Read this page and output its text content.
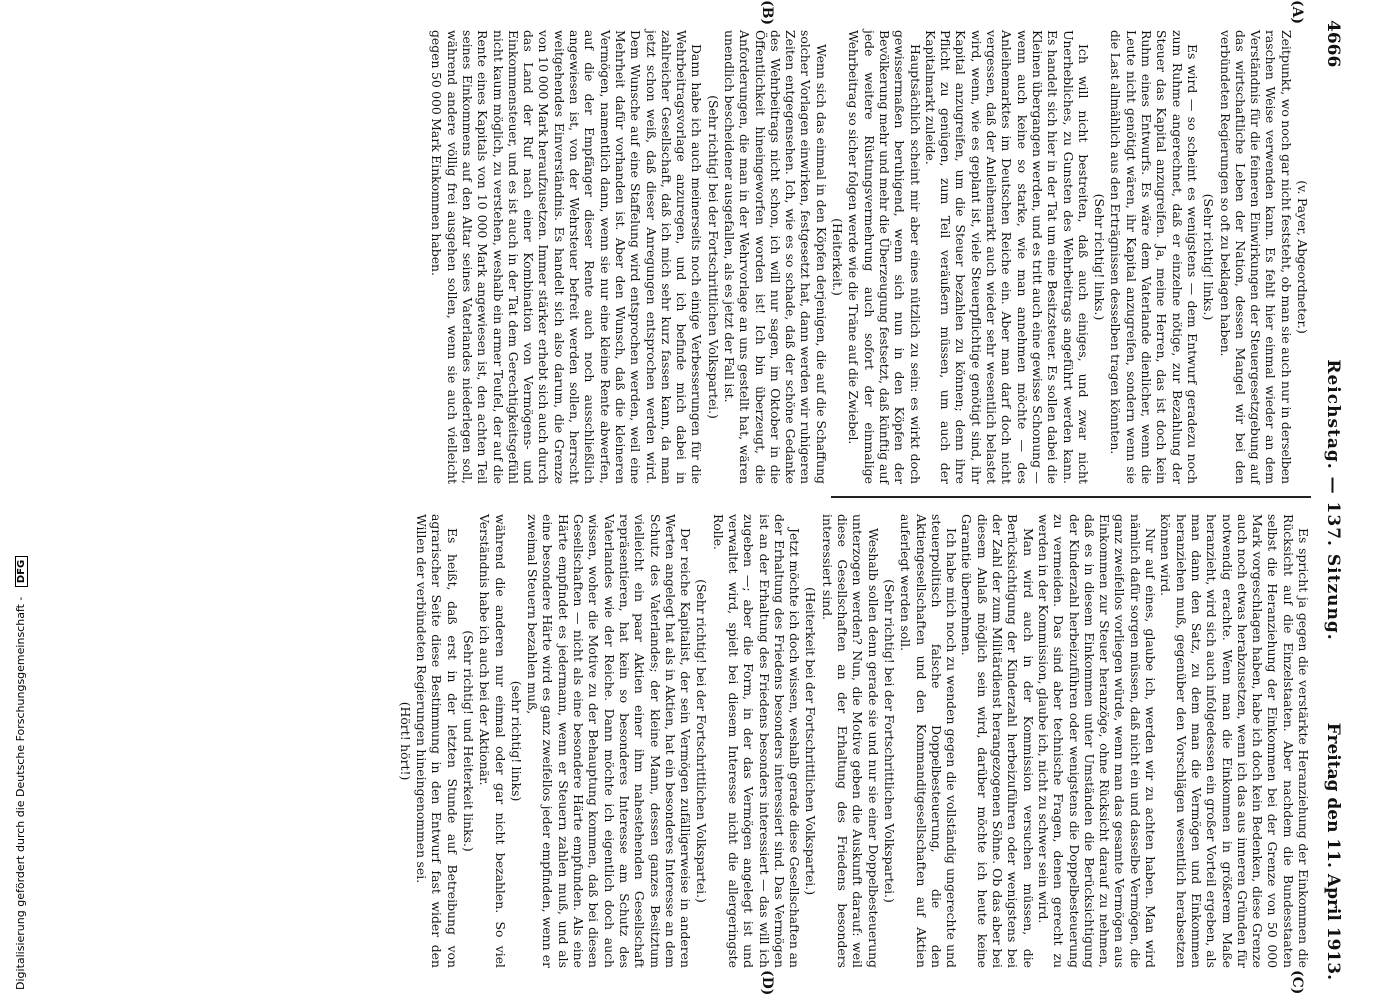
4666
Reichstag. — 137. Sitzung.
Freitag den 11. April 1913.
(A)
(B)
(C)
(D)

(v. Payer, Abgeordneter.)

Zeitpunkt, wo noch gar nicht feststeht, ob man sie auch nur in derselben raschen Weise verwenden kann. Es fehlt hier einmal wieder an dem Verständnis für die feineren Einwirkungen der Steuergesetzgebung auf das wirtschaftliche Leben der Nation, dessen Mangel wir bei den verbündeten Regierungen so oft zu beklagen haben.

(Sehr richtig! links.)

Es wird — so scheint es wenigstens — dem Entwurf geradezu noch zum Ruhme angerechnet, daß er einzelne nötige, zur Bezahlung der Steuer das Kapital anzugreifen. Ja, meine Herren, das ist doch kein Ruhm eines Entwurfs. Es wäre dem Vaterlande dienlicher, wenn die Leute nicht genötigt wären, ihr Kapital anzugreifen, sondern wenn sie die Last allmählich aus den Erträgnissen desselben tragen könnten.

(Sehr richtig! links.)

Ich will nicht bestreiten, daß auch einiges, und zwar nicht Unerhebliches, zu Gunsten des Wehrbeitrags angeführt werden kann. Es handelt sich hier in der Tat um eine Besitzsteuer. Es sollen dabei die Kleinen übergangen werden, und es tritt auch eine gewisse Schonung — wenn auch keine so starke, wie man annehmen möchte — des Anleihemarktes im Deutschen Reiche ein. Aber man darf doch nicht vergessen, daß der Anleihemarkt auch wieder sehr wesentlich belastet wird, wenn, wie es geplant ist, viele Steuerpflichtige genötigt sind, ihr Kapital anzugreifen, um die Steuer bezahlen zu können; denn ihre Pflicht zu genügen, zum Teil veräußern müssen, um auch der Kapitalmarkt zuleide.

Hauptsächlich scheint mir aber eines nützlich zu sein: es wirkt doch gewissermaßen beruhigend, wenn sich nun in den Köpfen der Bevölkerung mehr und mehr die Überzeugung festsetzt, daß künftig auf jede weitere Rüstungsvermehrung auch sofort der einmalige Wehrbeitrag so sicher folgen werde wie die Träne auf die Zwiebel.

(Heiterkeit.)

Wenn sich das einmal in den Köpfen derjenigen, die auf die Schaffung solcher Vorlagen einwirken, festgesetzt hat, dann werden wir ruhigeren Zeiten entgegensehen. Ich, wie es so schade, daß der schöne Gedanke des Wehrbeitrags nicht schon, ich will nur sagen, im Oktober in die Öffentlichkeit hineingeworfen worden ist! Ich bin überzeugt, die Anforderungen, die man in der Wehrvorlage an uns gestellt hat, wären unendlich bescheidener ausgefallen, als es jetzt der Fall ist.

(Sehr richtig! bei der Fortschrittlichen Volkspartei.)

Dann habe ich auch meinerseits noch einige Verbesserungen für die Wehrbeitragsvorlage anzuregen, und ich befinde mich dabei in zahlreicher Gesellschaft, daß ich mich sehr kurz fassen kann, da man jetzt schon weiß, daß dieser Anregungen entsprochen werden wird. Dem Wunsche auf eine Staffelung wird entsprochen werden, weil eine Mehrheit dafür vorhanden ist. Aber den Wunsch, daß die kleineren Vermögen, namentlich dann, wenn sie nur eine kleine Rente abwerfen, auf die der Empfänger dieser Rente auch noch ausschließlich angewiesen ist, von der Wehrsteuer befreit werden sollen, herrscht weitgehendes Einverständnis. Es handelt sich also darum, die Grenze von 10 000 Mark heraufzusetzen. Immer stärker erhebt sich auch durch das Land der Ruf nach einer Kombination von Vermögens- und Einkommensteuer, und es ist auch in der Tat dem Gerechtigkeitsgefühl nicht kaum möglich, zu verstehen, weshalb ein armer Teufel, der auf die Rente eines Kapitals von 10 000 Mark angewiesen ist, den achten Teil seines Einkommens auf den Altar seines Vaterlandes niederlegen soll, während andere völlig frei ausgehen sollen, wenn sie auch vielleicht gegen 50 000 Mark Einkommen haben.

Es spricht ja gegen die verstärkte Heranziehung der Einkommen die Rücksicht auf die Einzelstaaten. Aber nachdem die Bundesstaaten selbst die Heranziehung der Einkommen bei der Grenze von 50 000 Mark vorgeschlagen haben, habe ich doch kein Bedenken, diese Grenze auch noch etwas herabzusetzen, wenn ich das aus inneren Gründen für notwendig erachte. Wenn man die Einkommen in größerem Maße heranzieht, wird sich auch infolgedessen ein großer Vorteil ergeben, als man dann den Satz, zu dem man die Vermögen und Einkommen heranziehen muß, gegenüber den Vorschlägen wesentlich herabsetzen können wird.

Nur auf eines, glaube ich, werden wir zu achten haben. Man wird nämlich dafür sorgen müssen, daß nicht ein und dasselbe Vermögen, die ganz zweifellos vorliegen würde, wenn man das gesamte Vermögen aus Einkommen zur Steuer heranzöge, ohne Rücksicht darauf zu nehmen, daß es in diesem Einkommen unter Umständen die Berücksichtigung der Kinderzahl herbeizuführen oder wenigstens die Doppelbesteuerung zu vermeiden. Das sind aber technische Fragen, denen gerecht zu werden in der Kommission, glaube ich, nicht zu schwer sein wird.

Man wird auch in der Kommission versuchen müssen, die Berücksichtigung der Kinderzahl herbeizuführen oder wenigstens bei der Zahl der zum Militärdienst herangezogenen Söhne. Ob das aber bei diesem Anlaß möglich sein wird, darüber möchte ich heute keine Garantie übernehmen.

Ich habe mich noch zu wenden gegen die vollständig ungerechte und steuerpolitisch falsche Doppelbesteuerung, die den Aktiengesellschaften und den Kommanditgesellschaften auf Aktien auferlegt werden soll.

(Sehr richtig! bei der Fortschrittlichen Volkspartei.)

Weshalb sollen denn gerade sie und nur sie einer Doppelbesteuerung unterzogen werden? Nun, die Motive geben die Auskunft darauf: weil diese Gesellschaften an der Erhaltung des Friedens besonders interessiert sind.

(Heiterkeit bei der Fortschrittlichen Volkspartei.)

Jetzt möchte ich doch wissen, weshalb gerade diese Gesellschaften an der Erhaltung des Friedens besonders interessiert sind. Das Vermögen ist an der Erhaltung des Friedens besonders interessiert — das will ich zugeben —; aber die Form, in der das Vermögen angelegt ist und verwaltet wird, spielt bei diesem Interesse nicht die allergeringste Rolle.

(Sehr richtig! bei der Fortschrittlichen Volkspartei.)

Der reiche Kapitalist, der sein Vermögen zufälligerweise in anderen Werten angelegt hat als in Aktien, hat ein besonderes Interesse an dem Schutz des Vaterlandes; der kleine Mann, dessen ganzes Besitztum vielleicht ein paar Aktien einer ihm nahestehenden Gesellschaft repräsentieren, hat kein so besonderes Interesse am Schutz des Vaterlandes wie der Reiche. Dann möchte ich eigentlich doch auch wissen, woher die Motive zu der Behauptung kommen, daß bei diesen Gesellschaften — nicht als eine besondere Härte empfunden. Als eine Härte empfindet es jedermann, wenn er Steuern zahlen muß, und als eine besondere Härte wird es ganz zweifellos jeder empfinden, wenn er zweimal Steuern bezahlen muß,

(sehr richtig! links)

während die anderen nur einmal oder gar nicht bezahlen. So viel Verständnis habe ich auch bei der Aktionär.

(Sehr richtig! und Heiterkeit links.)

Es heißt, daß erst in der letzten Stunde auf Betreibung von agrarischer Seite diese Bestimmung in den Entwurf fast wider den Willen der verbündeten Regierungen hineingenommen sei.

(Hört! hört!)

Digitalisierung gefördert durch die Deutsche Forschungsgemeinschaft - DFG
